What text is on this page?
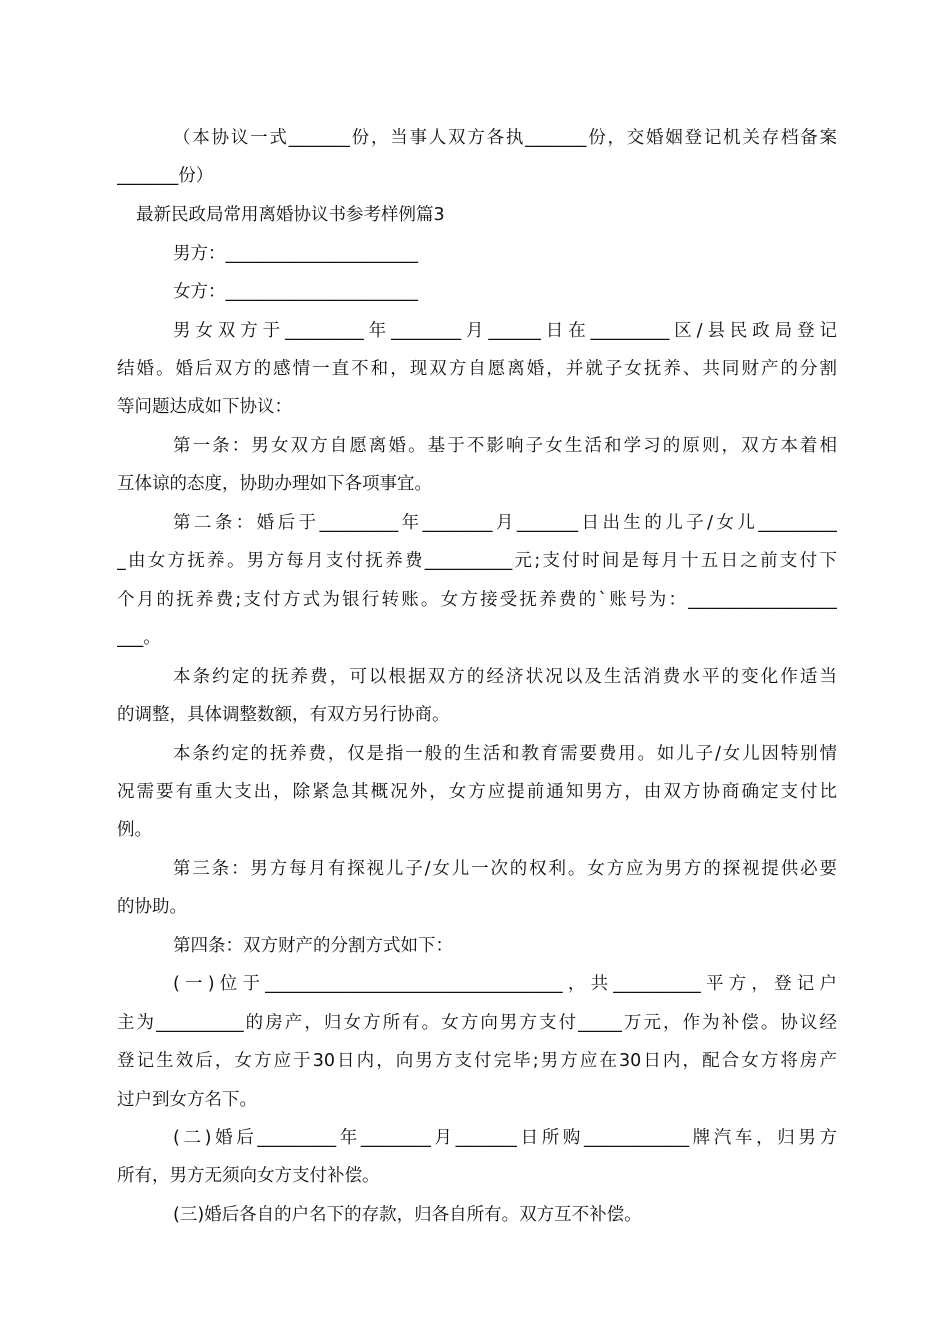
（本协议一式_______份，当事人双方各执_______份，交婚姻登记机关存档备案
_______份）
最新民政局常用离婚协议书参考样例篇3
男方：______________________
女方：______________________
男女双方于_________年________月______日在_________区/县民政局登记
结婚。婚后双方的感情一直不和，现双方自愿离婚，并就子女抚养、共同财产的分割
等问题达成如下协议：
第一条：男女双方自愿离婚。基于不影响子女生活和学习的原则，双方本着相
互体谅的态度，协助办理如下各项事宜。
第二条：婚后于_________年________月_______日出生的儿子/女儿_________
_由女方抚养。男方每月支付抚养费__________元;支付时间是每月十五日之前支付下
个月的抚养费;支付方式为银行转账。女方接受抚养费的`账号为：_________________
___。
本条约定的抚养费，可以根据双方的经济状况以及生活消费水平的变化作适当
的调整，具体调整数额，有双方另行协商。
本条约定的抚养费，仅是指一般的生活和教育需要费用。如儿子/女儿因特别情
况需要有重大支出，除紧急其概况外，女方应提前通知男方，由双方协商确定支付比
例。
第三条：男方每月有探视儿子/女儿一次的权利。女方应为男方的探视提供必要
的协助。
第四条：双方财产的分割方式如下：
(一)位于__________________________________，共__________平方，登记户
主为__________的房产，归女方所有。女方向男方支付_____万元，作为补偿。协议经
登记生效后，女方应于30日内，向男方支付完毕;男方应在30日内，配合女方将房产
过户到女方名下。
(二)婚后_________年________月_______日所购____________牌汽车，归男方
所有，男方无须向女方支付补偿。
(三)婚后各自的户名下的存款，归各自所有。双方互不补偿。
